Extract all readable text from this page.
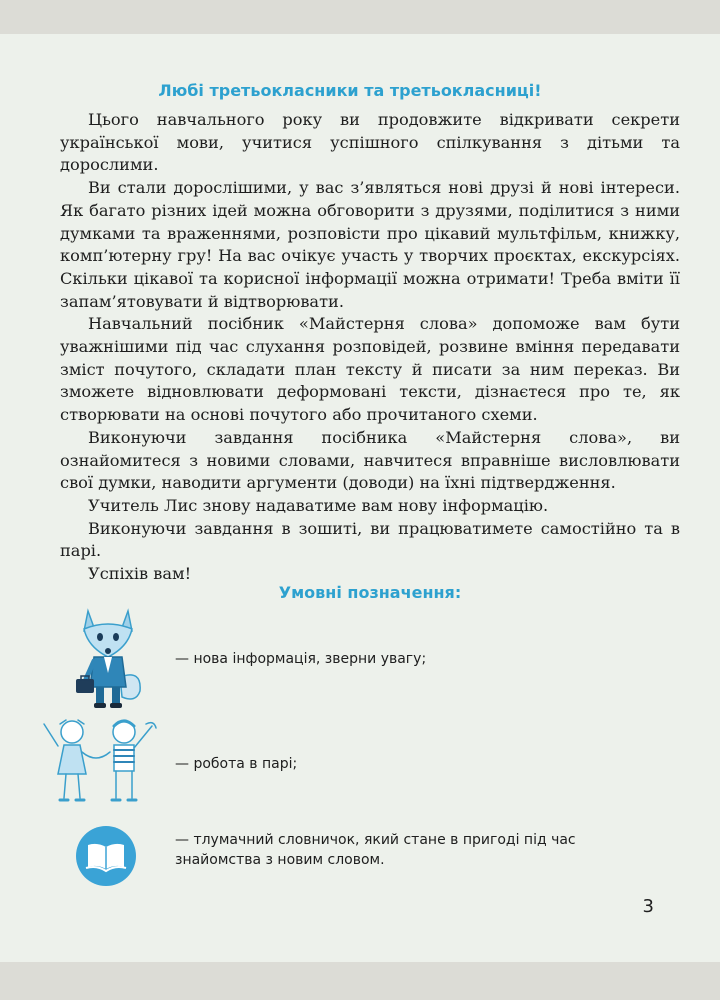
Любі третьокласники та третьокласниці!

Цього навчального року ви продовжите відкривати секрети української мови, учитися успішного спілкування з дітьми та дорослими.

Ви стали дорослішими, у вас з’являться нові друзі й нові інтереси. Як багато різних ідей можна обговорити з друзями, поділитися з ними думками та враженнями, розповісти про цікавий мультфільм, книжку, комп’ютерну гру! На вас очікує участь у творчих проєктах, екскурсіях. Скільки цікавої та корисної інформації можна отримати! Треба вміти її запам’ятовувати й відтворювати.

Навчальний посібник «Майстерня слова» допоможе вам бути уважнішими під час слухання розповідей, розвине вміння передавати зміст почутого, складати план тексту й писати за ним переказ. Ви зможете відновлювати деформовані тексти, дізнаєтеся про те, як створювати на основі почутого або прочитаного схеми.

Виконуючи завдання посібника «Майстерня слова», ви ознайомитеся з новими словами, навчитеся вправніше висловлювати свої думки, наводити аргументи (доводи) на їхні підтвердження.

Учитель Лис знову надаватиме вам нову інформацію.

Виконуючи завдання в зошиті, ви працюватимете самостійно та в парі.

Успіхів вам!

Умовні позначення:
— нова інформація, зверни увагу;
— робота в парі;
— тлумачний словничок, який стане в пригоді під час знайомства з новим словом.
3
